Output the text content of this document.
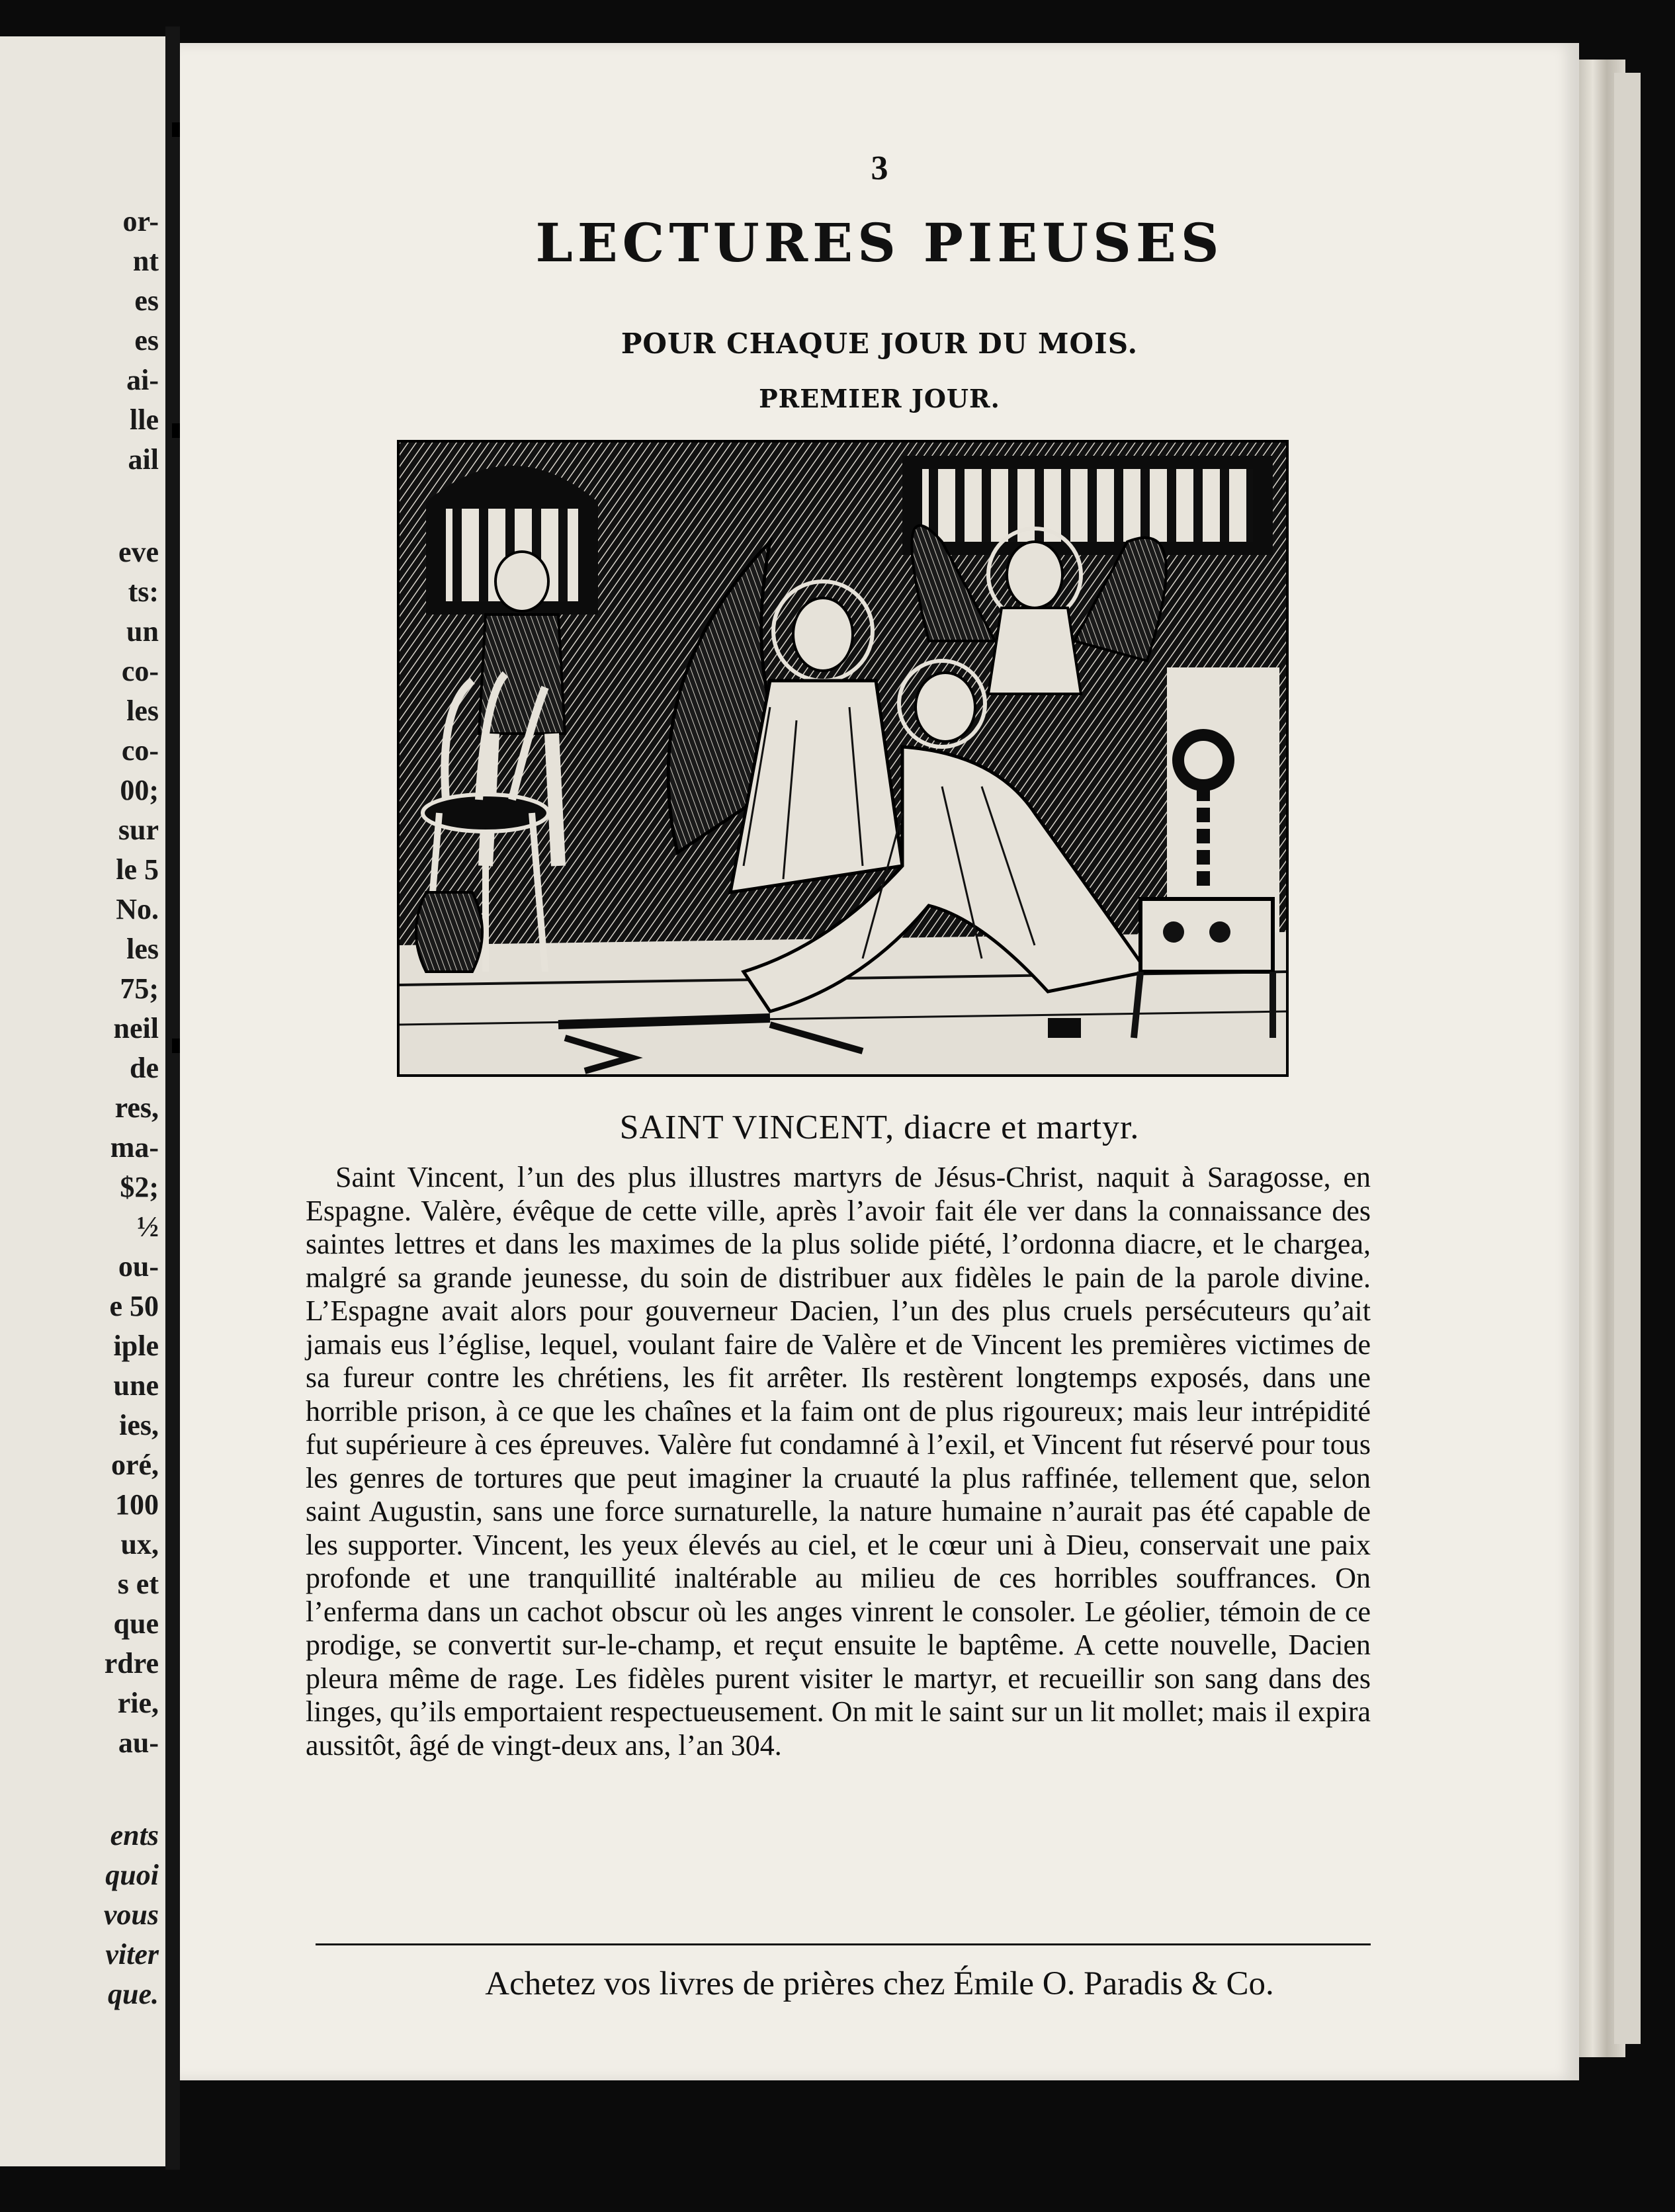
or-
nt
es
es
ai-
lle
ail
eve
ts:
un
co-
les
co-
00;
sur
le 5
No.
les
75;
neil
de
res,
ma-
$2;
½
ou-
e 50
iple
une
ies,
oré,
100
ux,
s et
que
rdre
rie,
au-
ents
quoi
vous
viter
que.
3
LECTURES PIEUSES
POUR CHAQUE JOUR DU MOIS.
PREMIER JOUR.
SAINT VINCENT, diacre et martyr.
Saint Vincent, l’un des plus illustres martyrs de Jésus-Christ, naquit à Saragosse, en Espagne. Valère, évêque de cette ville, après l’avoir fait éle ver dans la connaissance des saintes lettres et dans les maximes de la plus solide piété, l’ordonna diacre, et le chargea, malgré sa grande jeunesse, du soin de distribuer aux fidèles le pain de la parole divine. L’Espagne avait alors pour gouverneur Dacien, l’un des plus cruels persécuteurs qu’ait jamais eus l’église, lequel, voulant faire de Valère et de Vincent les premières victimes de sa fureur contre les chrétiens, les fit arrêter. Ils restèrent longtemps exposés, dans une horrible prison, à ce que les chaînes et la faim ont de plus rigoureux; mais leur intrépidité fut supérieure à ces épreuves. Valère fut condamné à l’exil, et Vincent fut réservé pour tous les genres de tortures que peut imaginer la cruauté la plus raffinée, tellement que, selon saint Augustin, sans une force surnaturelle, la nature humaine n’aurait pas été capable de les supporter. Vincent, les yeux élevés au ciel, et le cœur uni à Dieu, conservait une paix profonde et une tranquillité inaltérable au milieu de ces horribles souffrances. On l’enferma dans un cachot obscur où les anges vinrent le consoler. Le géolier, témoin de ce prodige, se convertit sur-le-champ, et reçut ensuite le baptême. A cette nouvelle, Dacien pleura même de rage. Les fidèles purent visiter le martyr, et recueillir son sang dans des linges, qu’ils emportaient respectueusement. On mit le saint sur un lit mollet; mais il expira aussitôt, âgé de vingt-deux ans, l’an 304.
Achetez vos livres de prières chez Émile O. Paradis & Co.
